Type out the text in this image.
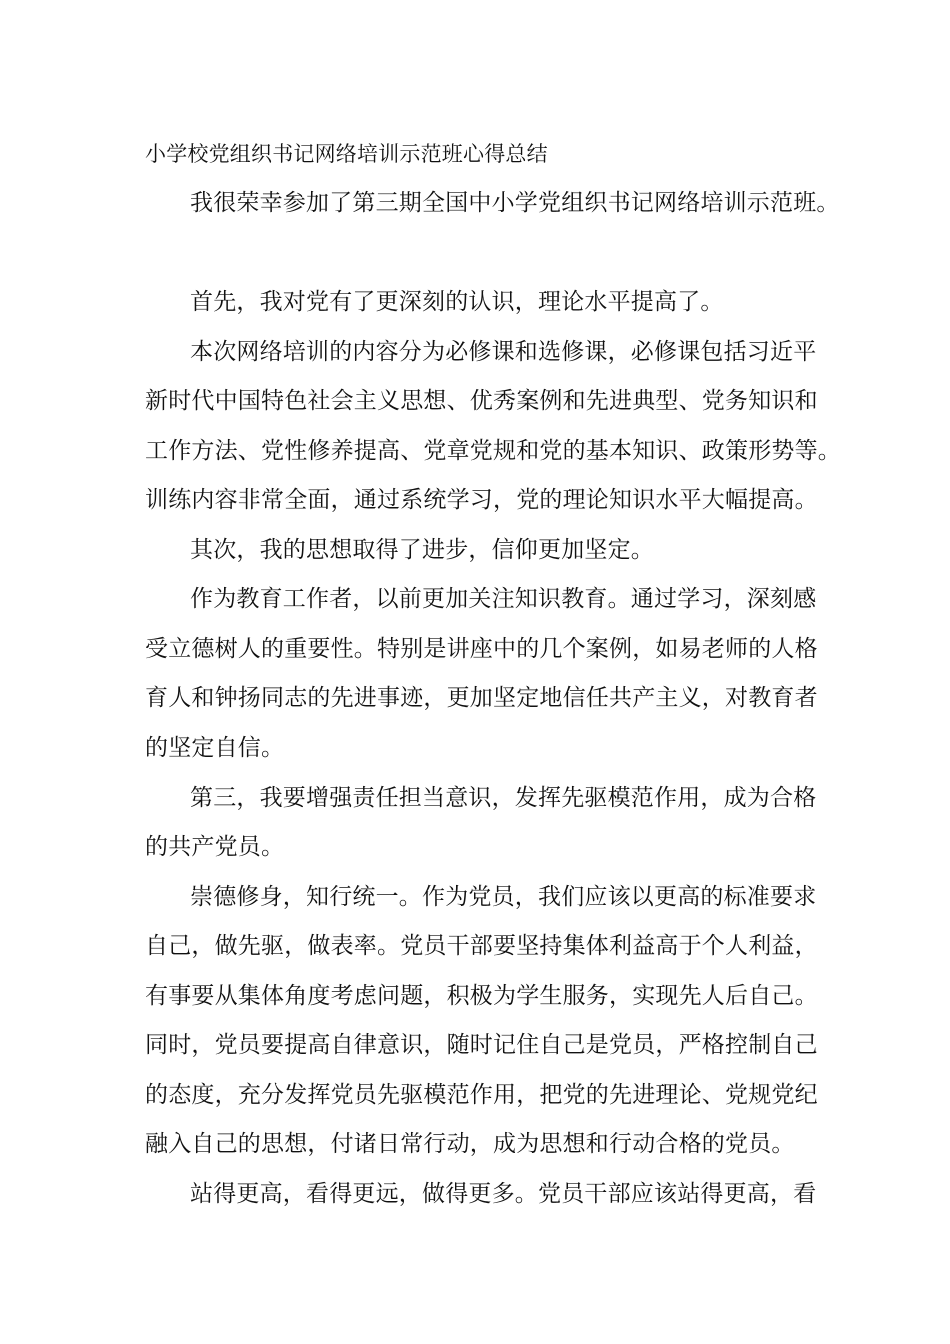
小学校党组织书记网络培训示范班心得总结
我很荣幸参加了第三期全国中小学党组织书记网络培训示范班。
首先，我对党有了更深刻的认识，理论水平提高了。
本次网络培训的内容分为必修课和选修课，必修课包括习近平
新时代中国特色社会主义思想、优秀案例和先进典型、党务知识和
工作方法、党性修养提高、党章党规和党的基本知识、政策形势等。
训练内容非常全面，通过系统学习，党的理论知识水平大幅提高。
其次，我的思想取得了进步，信仰更加坚定。
作为教育工作者，以前更加关注知识教育。通过学习，深刻感
受立德树人的重要性。特别是讲座中的几个案例，如易老师的人格
育人和钟扬同志的先进事迹，更加坚定地信任共产主义，对教育者
的坚定自信。
第三，我要增强责任担当意识，发挥先驱模范作用，成为合格
的共产党员。
崇德修身，知行统一。作为党员，我们应该以更高的标准要求
自己，做先驱，做表率。党员干部要坚持集体利益高于个人利益，
有事要从集体角度考虑问题，积极为学生服务，实现先人后自己。
同时，党员要提高自律意识，随时记住自己是党员，严格控制自己
的态度，充分发挥党员先驱模范作用，把党的先进理论、党规党纪
融入自己的思想，付诸日常行动，成为思想和行动合格的党员。
站得更高，看得更远，做得更多。党员干部应该站得更高，看
